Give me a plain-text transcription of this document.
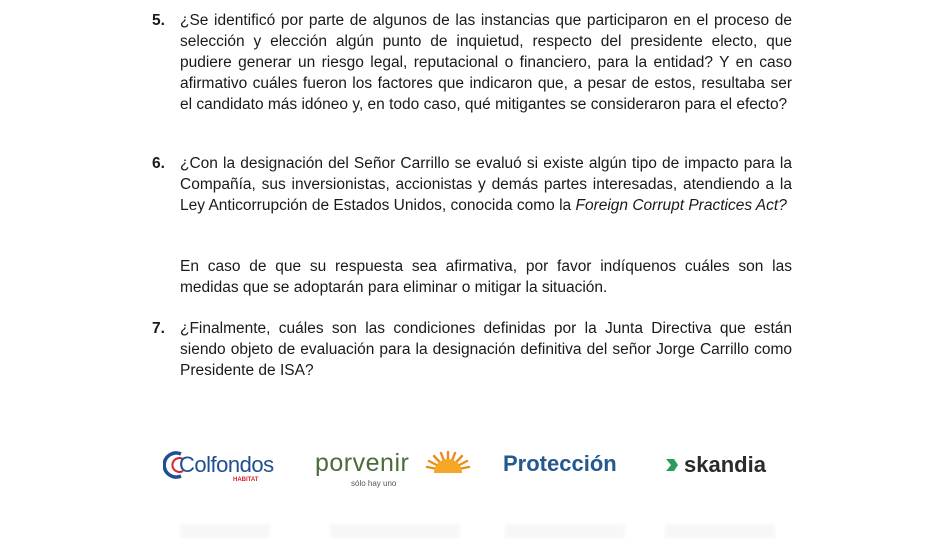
5. ¿Se identificó por parte de algunos de las instancias que participaron en el proceso de selección y elección algún punto de inquietud, respecto del presidente electo, que pudiere generar un riesgo legal, reputacional o financiero, para la entidad? Y en caso afirmativo cuáles fueron los factores que indicaron que, a pesar de estos, resultaba ser el candidato más idóneo y, en todo caso, qué mitigantes se consideraron para el efecto?
6. ¿Con la designación del Señor Carrillo se evaluó si existe algún tipo de impacto para la Compañía, sus inversionistas, accionistas y demás partes interesadas, atendiendo a la Ley Anticorrupción de Estados Unidos, conocida como la Foreign Corrupt Practices Act?
En caso de que su respuesta sea afirmativa, por favor indíquenos cuáles son las medidas que se adoptarán para eliminar o mitigar la situación.
7. ¿Finalmente, cuáles son las condiciones definidas por la Junta Directiva que están siendo objeto de evaluación para la designación definitiva del señor Jorge Carrillo como Presidente de ISA?
Colfondos
HABITAT
porvenir
sólo hay uno
Protección	skandia
